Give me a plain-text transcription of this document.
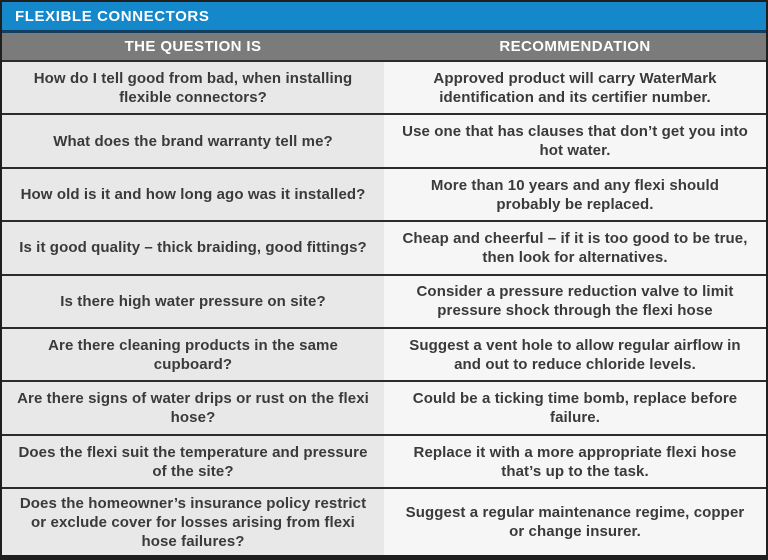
FLEXIBLE CONNECTORS
THE QUESTION IS	RECOMMENDATION
How do I tell good from bad, when installing flexible connectors?
Approved product will carry WaterMark identification and its certifier number.
What does the brand warranty tell me?
Use one that has clauses that don’t get you into hot water.
How old is it and how long ago was it installed?
More than 10 years and any flexi should probably be replaced.
Is it good quality – thick braiding, good fittings?
Cheap and cheerful – if it is too good to be true, then look for alternatives.
Is there high water pressure on site?
Consider a pressure reduction valve to limit pressure shock through the flexi hose
Are there cleaning products in the same cupboard?
Suggest a vent hole to allow regular airflow in and out to reduce chloride levels.
Are there signs of water drips or rust on the flexi hose?
Could be a ticking time bomb, replace before failure.
Does the flexi suit the temperature and pressure of the site?
Replace it with a more appropriate flexi hose that’s up to the task.
Does the homeowner’s insurance policy restrict or exclude cover for losses arising from flexi hose failures?
Suggest a regular maintenance regime, copper or change insurer.
